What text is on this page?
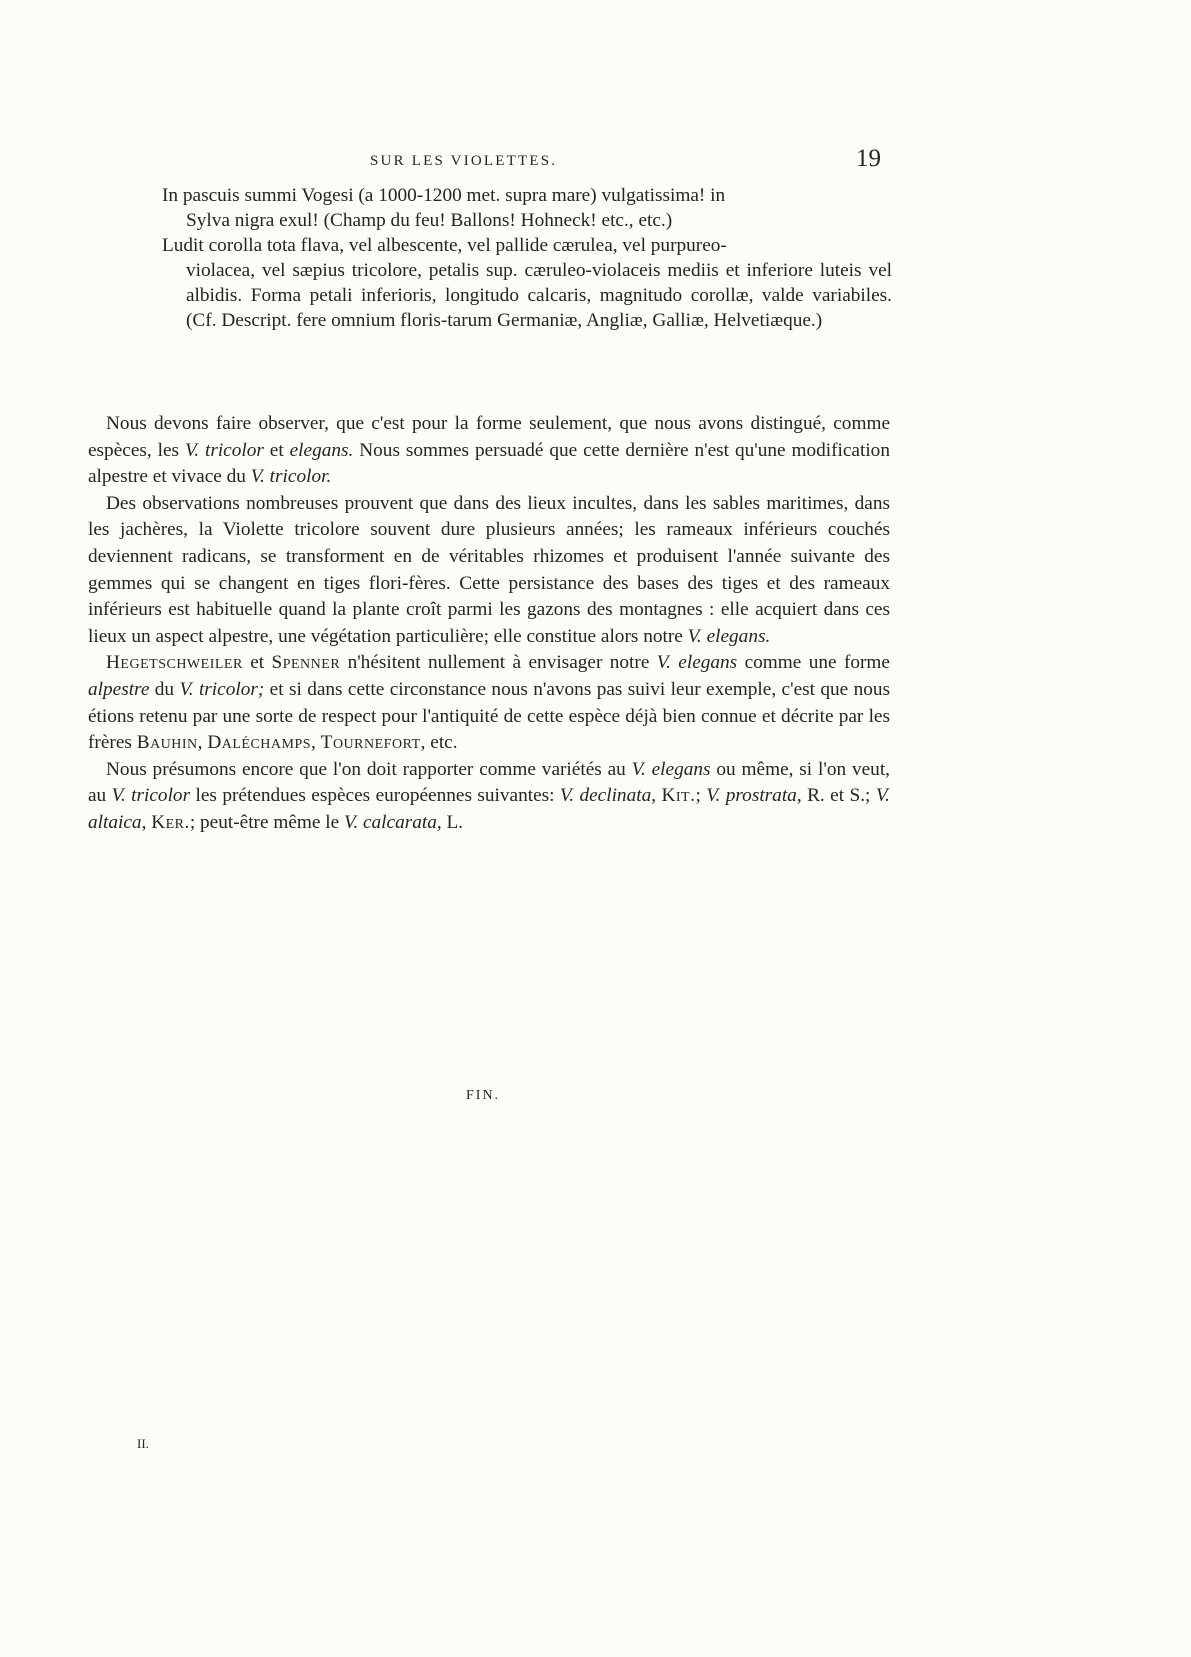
SUR LES VIOLETTES.	19

In pascuis summi Vogesi (a 1000-1200 met. supra mare) vulgatissima! in

Sylva nigra exul! (Champ du feu! Ballons! Hohneck! etc., etc.)

Ludit corolla tota flava, vel albescente, vel pallide cærulea, vel purpureo-

violacea, vel sæpius tricolore, petalis sup. cæruleo-violaceis mediis et inferiore luteis vel albidis. Forma petali inferioris, longitudo calcaris, magnitudo corollæ, valde variabiles. (Cf. Descript. fere omnium floris-tarum Germaniæ, Angliæ, Galliæ, Helvetiæque.)

Nous devons faire observer, que c'est pour la forme seulement, que nous avons distingué, comme espèces, les V. tricolor et elegans. Nous sommes persuadé que cette dernière n'est qu'une modification alpestre et vivace du V. tricolor.

Des observations nombreuses prouvent que dans des lieux incultes, dans les sables maritimes, dans les jachères, la Violette tricolore souvent dure plusieurs années; les rameaux inférieurs couchés deviennent radicans, se transforment en de véritables rhizomes et produisent l'année suivante des gemmes qui se changent en tiges flori-fères. Cette persistance des bases des tiges et des rameaux inférieurs est habituelle quand la plante croît parmi les gazons des montagnes : elle acquiert dans ces lieux un aspect alpestre, une végétation particulière; elle constitue alors notre V. elegans.

Hegetschweiler et Spenner n'hésitent nullement à envisager notre V. elegans comme une forme alpestre du V. tricolor; et si dans cette circonstance nous n'avons pas suivi leur exemple, c'est que nous étions retenu par une sorte de respect pour l'antiquité de cette espèce déjà bien connue et décrite par les frères Bauhin, Daléchamps, Tournefort, etc.

Nous présumons encore que l'on doit rapporter comme variétés au V. elegans ou même, si l'on veut, au V. tricolor les prétendues espèces européennes suivantes: V. declinata, Kit.; V. prostrata, R. et S.; V. altaica, Ker.; peut-être même le V. calcarata, L.

FIN.
II.
